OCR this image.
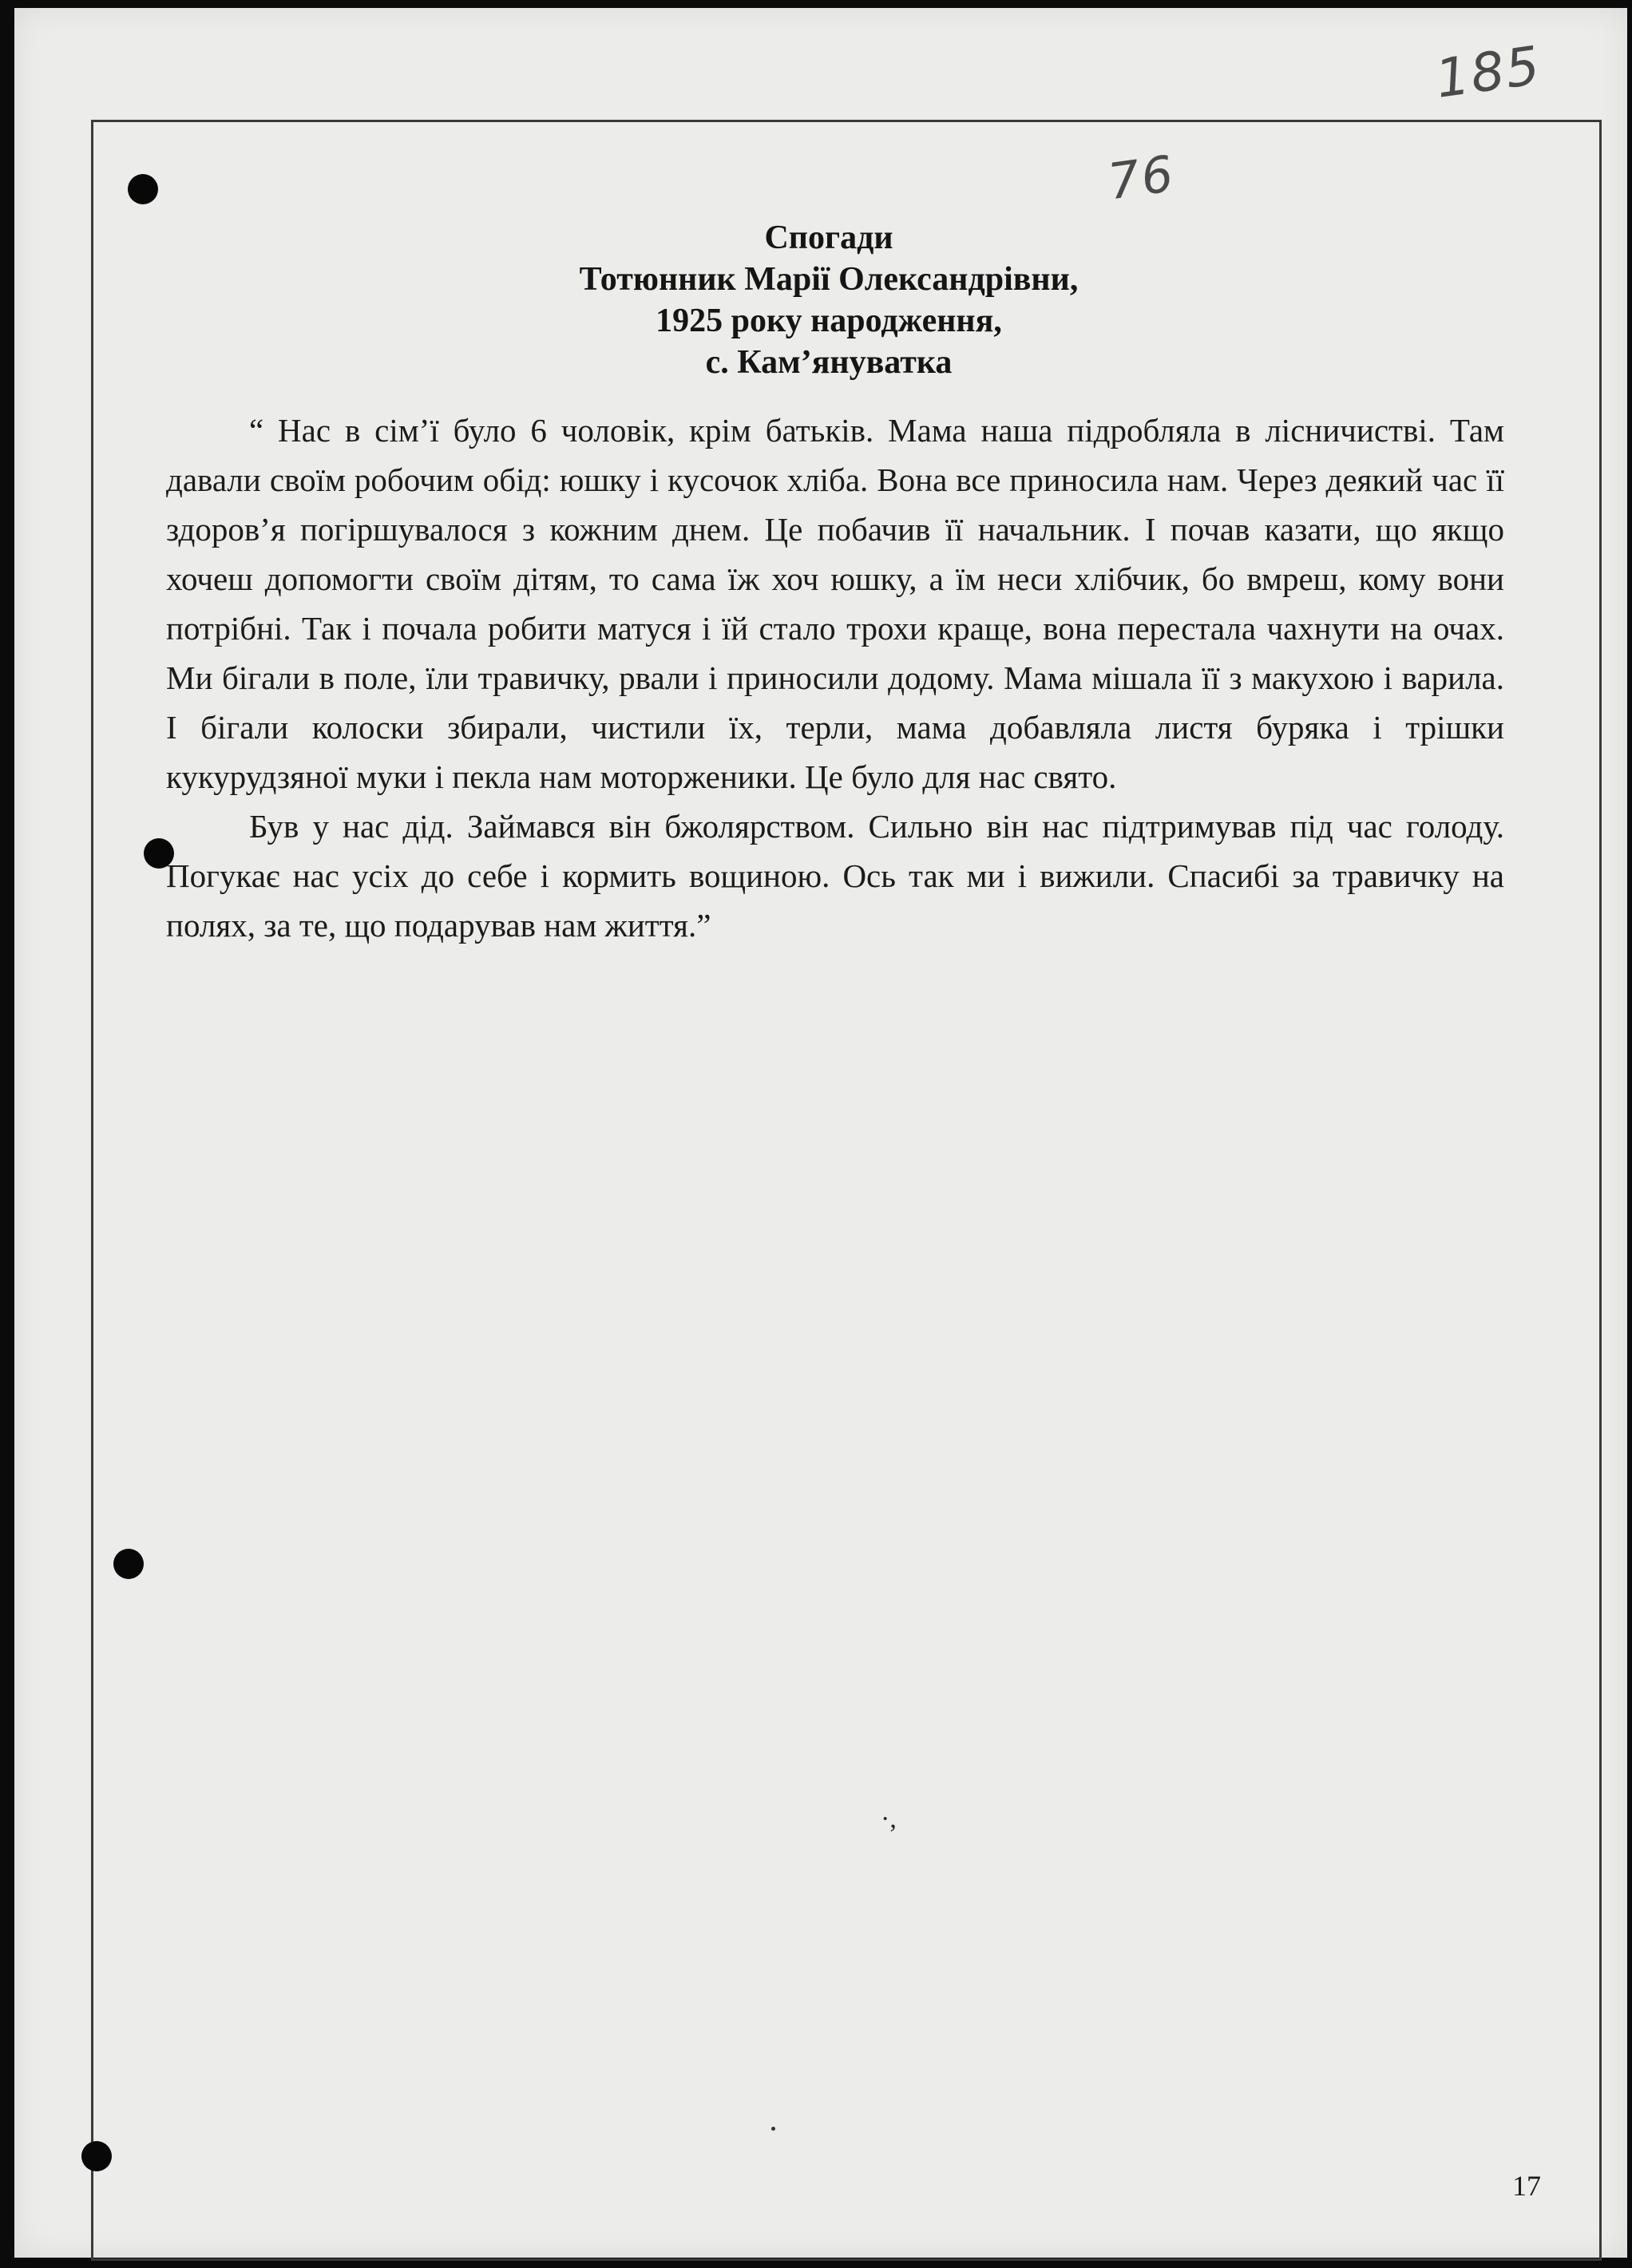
185
76
Спогади
Тотюнник Марії Олександрівни,
1925 року народження,
с. Кам’януватка

“ Нас в сім’ї було 6 чоловік, крім батьків. Мама наша підробляла в лісничистві. Там давали своїм робочим обід: юшку і кусочок хліба. Вона все приносила нам. Через деякий час її здоров’я погіршувалося з кожним днем. Це побачив її начальник. І почав казати, що якщо хочеш допомогти своїм дітям, то сама їж хоч юшку, а їм неси хлібчик, бо вмреш, кому вони потрібні. Так і почала робити матуся і їй стало трохи краще, вона перестала чахнути на очах. Ми бігали в поле, їли травичку, рвали і приносили додому. Мама мішала її з макухою і варила. І бігали колоски збирали, чистили їх, терли, мама добавляла листя буряка і трішки кукурудзяної муки і пекла нам моторженики. Це було для нас свято.

Був у нас дід. Займався він бжолярством. Сильно він нас підтримував під час голоду. Погукає нас усіх до себе і кормить вощиною. Ось так ми і вижили. Спасибі за травичку на полях, за те, що подарував нам життя.”

·,
17
